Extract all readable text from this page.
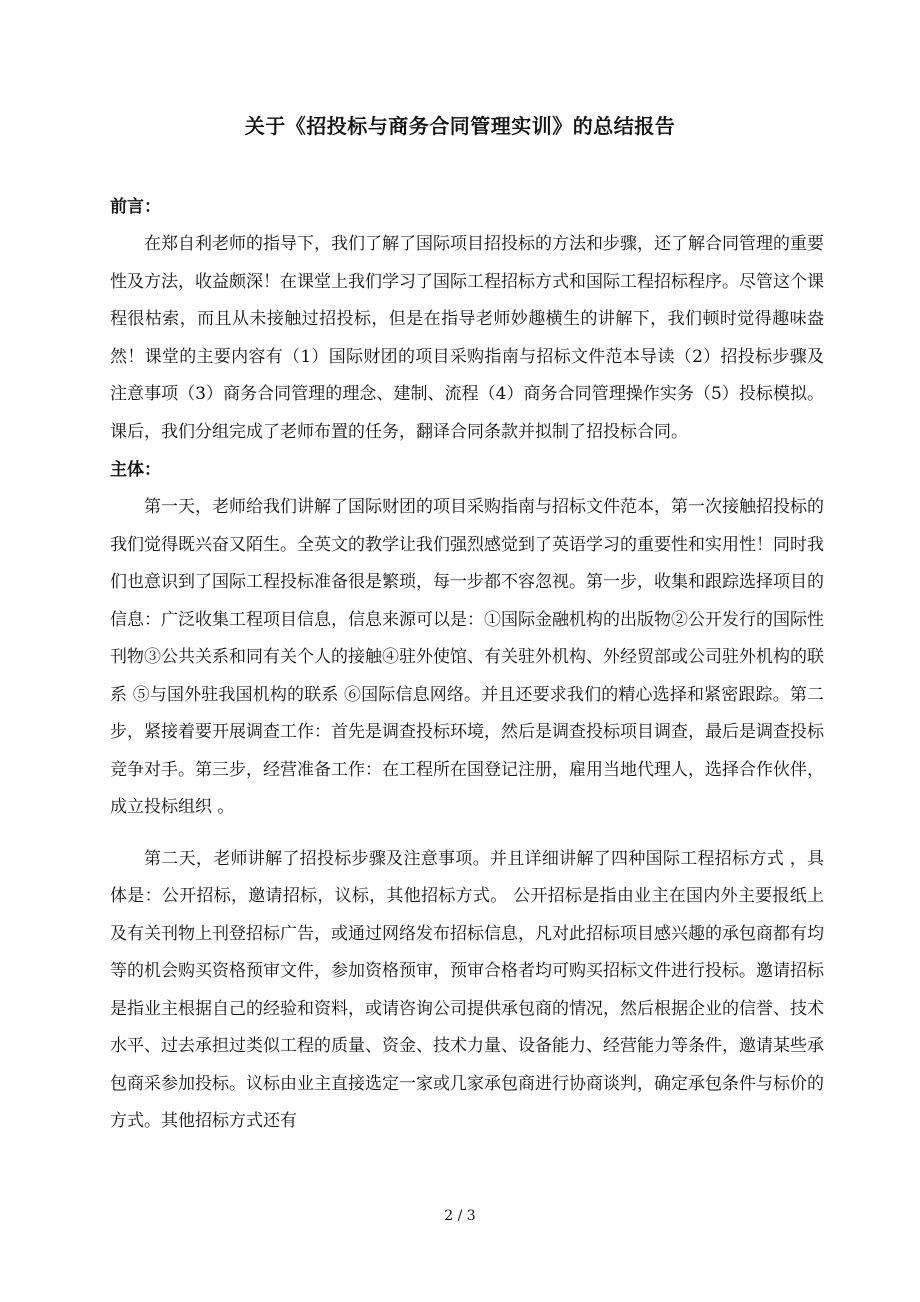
关于《招投标与商务合同管理实训》的总结报告
前言：

在郑自利老师的指导下，我们了解了国际项目招投标的方法和步骤，还了解合同管理的重要性及方法，收益颇深！在课堂上我们学习了国际工程招标方式和国际工程招标程序。尽管这个课程很枯索，而且从未接触过招投标，但是在指导老师妙趣横生的讲解下，我们顿时觉得趣味盎然！课堂的主要内容有（1）国际财团的项目采购指南与招标文件范本导读（2）招投标步骤及注意事项（3）商务合同管理的理念、建制、流程（4）商务合同管理操作实务（5）投标模拟。课后，我们分组完成了老师布置的任务，翻译合同条款并拟制了招投标合同。

主体：

第一天，老师给我们讲解了国际财团的项目采购指南与招标文件范本，第一次接触招投标的我们觉得既兴奋又陌生。全英文的教学让我们强烈感觉到了英语学习的重要性和实用性！同时我们也意识到了国际工程投标准备很是繁琐，每一步都不容忽视。第一步，收集和跟踪选择项目的信息：广泛收集工程项目信息，信息来源可以是：①国际金融机构的出版物②公开发行的国际性刊物③公共关系和同有关个人的接触④驻外使馆、有关驻外机构、外经贸部或公司驻外机构的联系 ⑤与国外驻我国机构的联系 ⑥国际信息网络。并且还要求我们的精心选择和紧密跟踪。第二步，紧接着要开展调查工作：首先是调查投标环境，然后是调查投标项目调查，最后是调查投标竞争对手。第三步，经营准备工作：在工程所在国登记注册，雇用当地代理人，选择合作伙伴，成立投标组织 。

第二天，老师讲解了招投标步骤及注意事项。并且详细讲解了四种国际工程招标方式 ，具体是：公开招标，邀请招标，议标，其他招标方式。 公开招标是指由业主在国内外主要报纸上及有关刊物上刊登招标广告，或通过网络发布招标信息，凡对此招标项目感兴趣的承包商都有均等的机会购买资格预审文件，参加资格预审，预审合格者均可购买招标文件进行投标。邀请招标是指业主根据自己的经验和资料，或请咨询公司提供承包商的情况，然后根据企业的信誉、技术水平、过去承担过类似工程的质量、资金、技术力量、设备能力、经营能力等条件，邀请某些承包商采参加投标。议标由业主直接选定一家或几家承包商进行协商谈判，确定承包条件与标价的方式。其他招标方式还有

2 / 3
